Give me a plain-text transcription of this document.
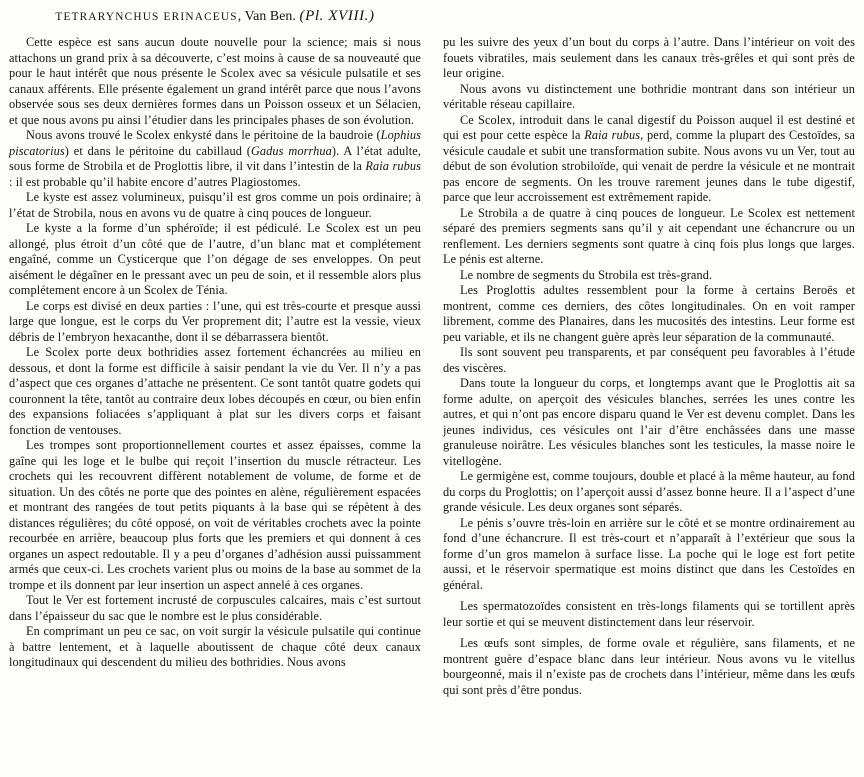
TETRARYNCHUS ERINACEUS, Van Ben. (Pl. XVIII.)

Cette espèce est sans aucun doute nouvelle pour la science; mais si nous attachons un grand prix à sa découverte, c’est moins à cause de sa nouveauté que pour le haut intérêt que nous présente le Scolex avec sa vésicule pulsatile et ses canaux afférents. Elle présente également un grand intérêt parce que nous l’avons observée sous ses deux dernières formes dans un Poisson osseux et un Sélacien, et que nous avons pu ainsi l’étudier dans les principales phases de son évolution.

Nous avons trouvé le Scolex enkysté dans le péritoine de la baudroie (Lophius piscatorius) et dans le péritoine du cabillaud (Gadus morrhua). A l’état adulte, sous forme de Strobila et de Proglottis libre, il vit dans l’intestin de la Raia rubus : il est probable qu’il habite encore d’autres Plagiostomes.

Le kyste est assez volumineux, puisqu’il est gros comme un pois ordinaire; à l’état de Strobila, nous en avons vu de quatre à cinq pouces de longueur.

Le kyste a la forme d’un sphéroïde; il est pédiculé. Le Scolex est un peu allongé, plus étroit d’un côté que de l’autre, d’un blanc mat et complétement engaîné, comme un Cysticerque que l’on dégage de ses enveloppes. On peut aisément le dégaîner en le pressant avec un peu de soin, et il ressemble alors plus complétement encore à un Scolex de Ténia.

Le corps est divisé en deux parties : l’une, qui est très-courte et presque aussi large que longue, est le corps du Ver proprement dit; l’autre est la vessie, vieux débris de l’embryon hexacanthe, dont il se débarrassera bientôt.

Le Scolex porte deux bothridies assez fortement échancrées au milieu en dessous, et dont la forme est difficile à saisir pendant la vie du Ver. Il n’y a pas d’aspect que ces organes d’attache ne présentent. Ce sont tantôt quatre godets qui couronnent la tête, tantôt au contraire deux lobes découpés en cœur, ou bien enfin des expansions foliacées s’appliquant à plat sur les divers corps et faisant fonction de ventouses.

Les trompes sont proportionnellement courtes et assez épaisses, comme la gaîne qui les loge et le bulbe qui reçoit l’insertion du muscle rétracteur. Les crochets qui les recouvrent diffèrent notablement de volume, de forme et de situation. Un des côtés ne porte que des pointes en alène, régulièrement espacées et montrant des rangées de tout petits piquants à la base qui se répètent à des distances régulières; du côté opposé, on voit de véritables crochets avec la pointe recourbée en arrière, beaucoup plus forts que les premiers et qui donnent à ces organes un aspect redoutable. Il y a peu d’organes d’adhésion aussi puissamment armés que ceux-ci. Les crochets varient plus ou moins de la base au sommet de la trompe et ils donnent par leur insertion un aspect annelé à ces organes.

Tout le Ver est fortement incrusté de corpuscules calcaires, mais c’est surtout dans l’épaisseur du sac que le nombre est le plus considérable.

En comprimant un peu ce sac, on voit surgir la vésicule pulsatile qui continue à battre lentement, et à laquelle aboutissent de chaque côté deux canaux longitudinaux qui descendent du milieu des bothridies. Nous avons

pu les suivre des yeux d’un bout du corps à l’autre. Dans l’intérieur on voit des fouets vibratiles, mais seulement dans les canaux très-grêles et qui sont près de leur origine.

Nous avons vu distinctement une bothridie montrant dans son intérieur un véritable réseau capillaire.

Ce Scolex, introduit dans le canal digestif du Poisson auquel il est destiné et qui est pour cette espèce la Raia rubus, perd, comme la plupart des Cestoïdes, sa vésicule caudale et subit une transformation subite. Nous avons vu un Ver, tout au début de son évolution strobiloïde, qui venait de perdre la vésicule et ne montrait pas encore de segments. On les trouve rarement jeunes dans le tube digestif, parce que leur accroissement est extrêmement rapide.

Le Strobila a de quatre à cinq pouces de longueur. Le Scolex est nettement séparé des premiers segments sans qu’il y ait cependant une échancrure ou un renflement. Les derniers segments sont quatre à cinq fois plus longs que larges. Le pénis est alterne.

Le nombre de segments du Strobila est très-grand.

Les Proglottis adultes ressemblent pour la forme à certains Beroës et montrent, comme ces derniers, des côtes longitudinales. On en voit ramper librement, comme des Planaires, dans les mucosités des intestins. Leur forme est peu variable, et ils ne changent guère après leur séparation de la communauté.

Ils sont souvent peu transparents, et par conséquent peu favorables à l’étude des viscères.

Dans toute la longueur du corps, et longtemps avant que le Proglottis ait sa forme adulte, on aperçoit des vésicules blanches, serrées les unes contre les autres, et qui n’ont pas encore disparu quand le Ver est devenu complet. Dans les jeunes individus, ces vésicules ont l’air d’être enchâssées dans une masse granuleuse noirâtre. Les vésicules blanches sont les testicules, la masse noire le vitellogène.

Le germigène est, comme toujours, double et placé à la même hauteur, au fond du corps du Proglottis; on l’aperçoit aussi d’assez bonne heure. Il a l’aspect d’une grande vésicule. Les deux organes sont séparés.

Le pénis s’ouvre très-loin en arrière sur le côté et se montre ordinairement au fond d’une échancrure. Il est très-court et n’apparaît à l’extérieur que sous la forme d’un gros mamelon à surface lisse. La poche qui le loge est fort petite aussi, et le réservoir spermatique est moins distinct que dans les Cestoïdes en général.

Les spermatozoïdes consistent en très-longs filaments qui se tortillent après leur sortie et qui se meuvent distinctement dans leur réservoir.

Les œufs sont simples, de forme ovale et régulière, sans filaments, et ne montrent guère d’espace blanc dans leur intérieur. Nous avons vu le vitellus bourgeonné, mais il n’existe pas de crochets dans l’intérieur, même dans les œufs qui sont près d’être pondus.
